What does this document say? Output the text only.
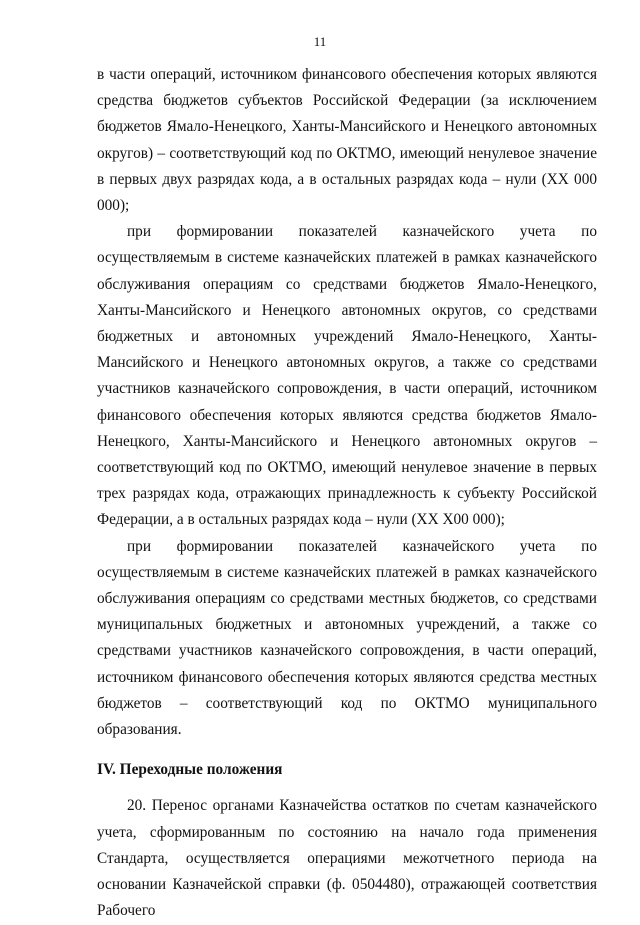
11

в части операций, источником финансового обеспечения которых являются средства бюджетов субъектов Российской Федерации (за исключением бюджетов Ямало-Ненецкого, Ханты-Мансийского и Ненецкого автономных округов) – соответствующий код по ОКТМО, имеющий ненулевое значение в первых двух разрядах кода, а в остальных разрядах кода – нули (ХХ 000 000);

при формировании показателей казначейского учета по осуществляемым в системе казначейских платежей в рамках казначейского обслуживания операциям со средствами бюджетов Ямало-Ненецкого, Ханты-Мансийского и Ненецкого автономных округов, со средствами бюджетных и автономных учреждений Ямало-Ненецкого, Ханты-Мансийского и Ненецкого автономных округов, а также со средствами участников казначейского сопровождения, в части операций, источником финансового обеспечения которых являются средства бюджетов Ямало-Ненецкого, Ханты-Мансийского и Ненецкого автономных округов – соответствующий код по ОКТМО, имеющий ненулевое значение в первых трех разрядах кода, отражающих принадлежность к субъекту Российской Федерации, а в остальных разрядах кода – нули (ХХ Х00 000);

при формировании показателей казначейского учета по осуществляемым в системе казначейских платежей в рамках казначейского обслуживания операциям со средствами местных бюджетов, со средствами муниципальных бюджетных и автономных учреждений, а также со средствами участников казначейского сопровождения, в части операций, источником финансового обеспечения которых являются средства местных бюджетов – соответствующий код по ОКТМО муниципального образования.

IV. Переходные положения

20. Перенос органами Казначейства остатков по счетам казначейского учета, сформированным по состоянию на начало года применения Стандарта, осуществляется операциями межотчетного периода на основании Казначейской справки (ф. 0504480), отражающей соответствия Рабочего
